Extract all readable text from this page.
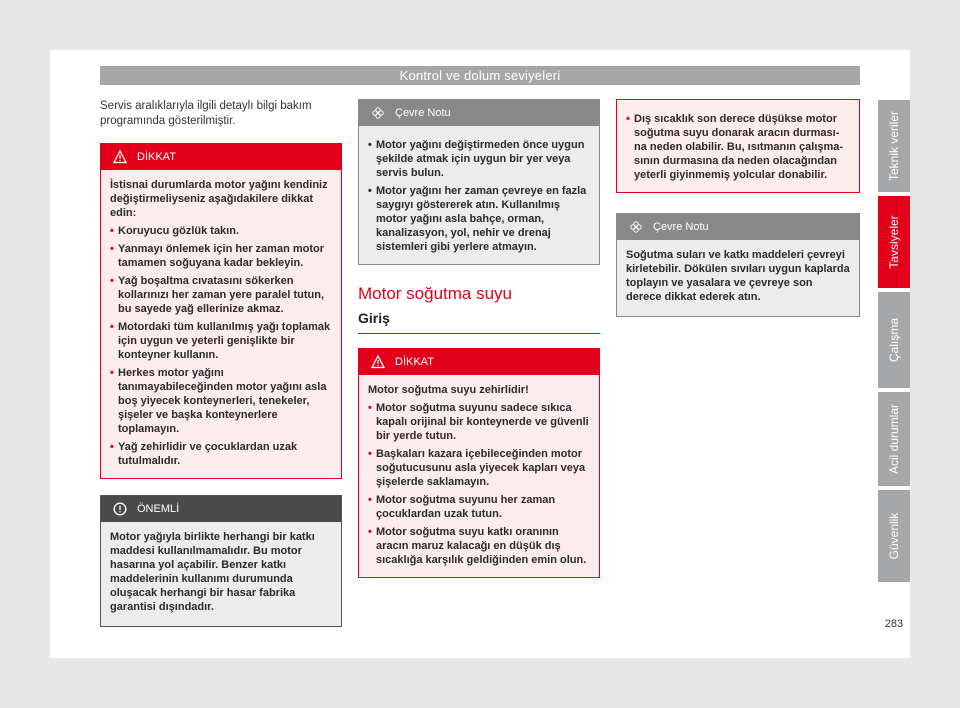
Kontrol ve dolum seviyeleri

Servis aralıklarıyla ilgili detaylı bilgi bakım programında gösterilmiştir.

DİKKAT

İstisnai durumlarda motor yağını kendiniz değiştirmeliyseniz aşağıdakilere dikkat edin:

• Koruyucu gözlük takın.
• Yanmayı önlemek için her zaman motor tamamen soğuyana kadar bekleyin.
• Yağ boşaltma cıvatasını sökerken kollarınızı her zaman yere paralel tutun, bu sayede yağ ellerinize akmaz.
• Motordaki tüm kullanılmış yağı toplamak için uygun ve yeterli genişlikte bir konteyner kullanın.
• Herkes motor yağını tanımayabileceğinden motor yağını asla boş yiyecek konteynerleri, tenekeler, şişeler ve başka konteynerlere toplamayın.
• Yağ zehirlidir ve çocuklardan uzak tutulmalıdır.
ÖNEMLİ

Motor yağıyla birlikte herhangi bir katkı maddesi kullanılmamalıdır. Bu motor hasarına yol açabilir. Benzer katkı maddelerinin kullanımı durumunda oluşacak herhangi bir hasar fabrika garantisi dışındadır.

Çevre Notu
• Motor yağını değiştirmeden önce uygun şekilde atmak için uygun bir yer veya servis bulun.
• Motor yağını her zaman çevreye en fazla saygıyı göstererek atın. Kullanılmış motor yağını asla bahçe, orman, kanalizasyon, yol, nehir ve drenaj sistemleri gibi yerlere atmayın.
Motor soğutma suyu
Giriş
DİKKAT

Motor soğutma suyu zehirlidir!

• Motor soğutma suyunu sadece sıkıca kapalı orijinal bir konteynerde ve güvenli bir yerde tutun.
• Başkaları kazara içebileceğinden motor soğutucusunu asla yiyecek kapları veya şişelerde saklamayın.
• Motor soğutma suyunu her zaman çocuklardan uzak tutun.
• Motor soğutma suyu katkı oranının aracın maruz kalacağı en düşük dış sıcaklığa karşılık geldiğinden emin olun.
• Dış sıcaklık son derece düşükse motor soğutma suyu donarak aracın durması- na neden olabilir. Bu, ısıtmanın çalışma- sının durmasına da neden olacağından yeterli giyinmemiş yolcular donabilir.
Çevre Notu

Soğutma suları ve katkı maddeleri çevreyi kirletebilir. Dökülen sıvıları uygun kaplarda toplayın ve yasalara ve çevreye son derece dikkat ederek atın.

Teknik veriler
Tavsiyeler
Çalışma
Acil durumlar
Güvenlik
283
